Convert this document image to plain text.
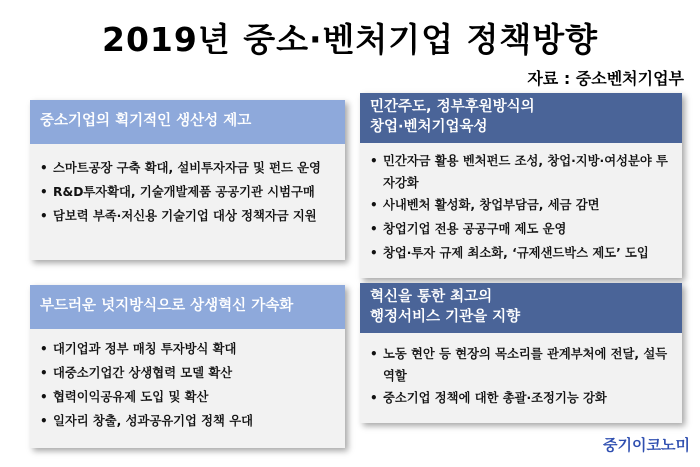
2019년 중소·벤처기업 정책방향
자료 : 중소벤처기업부
중소기업의 획기적인 생산성 제고
• 스마트공장 구축 확대, 설비투자자금 및 펀드 운영
• R&D투자확대, 기술개발제품 공공기관 시범구매
• 담보력 부족·저신용 기술기업 대상 정책자금 지원
민간주도, 정부후원방식의
창업·벤처기업육성
• 민간자금 활용 벤처펀드 조성, 창업·지방·여성분야 투자강화
• 사내벤처 활성화, 창업부담금, 세금 감면
• 창업기업 전용 공공구매 제도 운영
• 창업·투자 규제 최소화, ‘규제샌드박스 제도’ 도입
부드러운 넛지방식으로 상생혁신 가속화
• 대기업과 정부 매칭 투자방식 확대
• 대중소기업간 상생협력 모델 확산
• 협력이익공유제 도입 및 확산
• 일자리 창출, 성과공유기업 정책 우대
혁신을 통한 최고의
행정서비스 기관을 지향
• 노동 현안 등 현장의 목소리를 관계부처에 전달, 설득 역할
• 중소기업 정책에 대한 총괄·조정기능 강화
중기이코노미
